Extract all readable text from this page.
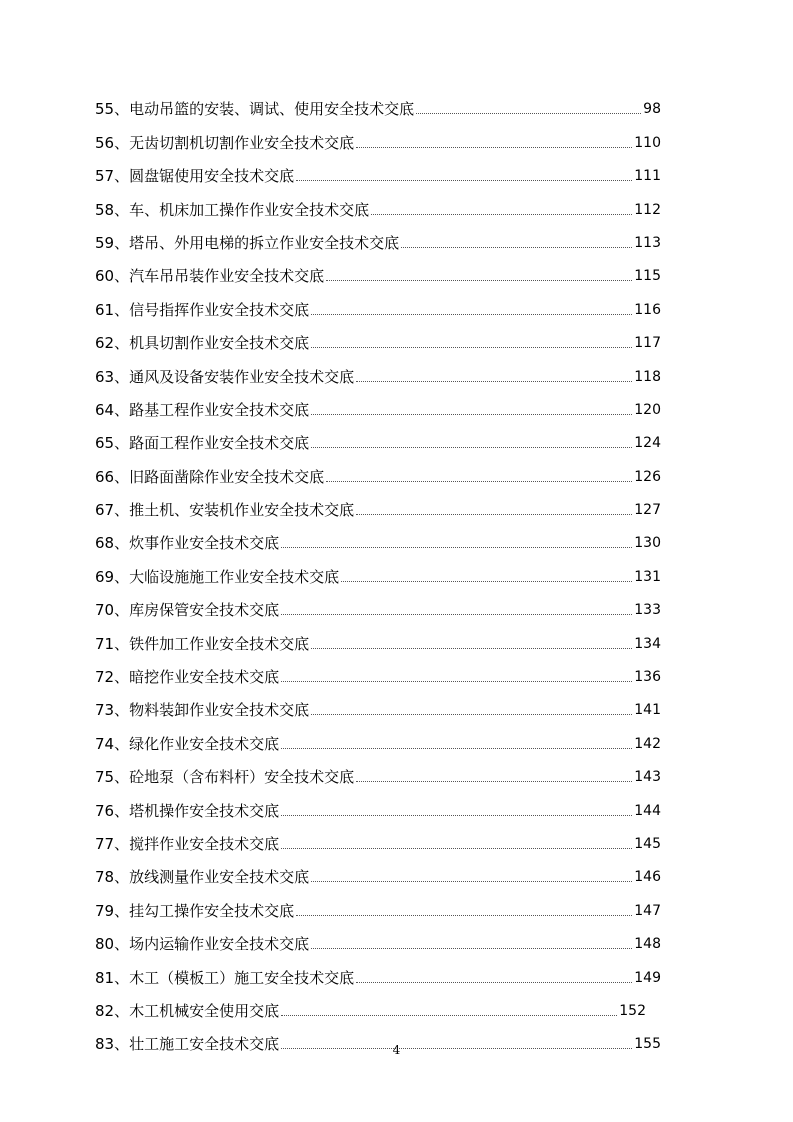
55、 电动吊篮的安装、调试、使用安全技术交底	98
56、 无齿切割机切割作业安全技术交底	110
57、 圆盘锯使用安全技术交底	111
58、 车、机床加工操作作业安全技术交底	112
59、 塔吊、外用电梯的拆立作业安全技术交底	113
60、 汽车吊吊装作业安全技术交底	115
61、 信号指挥作业安全技术交底	116
62、 机具切割作业安全技术交底	117
63、 通风及设备安装作业安全技术交底	118
64、 路基工程作业安全技术交底	120
65、 路面工程作业安全技术交底	124
66、 旧路面凿除作业安全技术交底	126
67、 推土机、安装机作业安全技术交底	127
68、 炊事作业安全技术交底	130
69、 大临设施施工作业安全技术交底	131
70、 库房保管安全技术交底	133
71、 铁件加工作业安全技术交底	134
72、 暗挖作业安全技术交底	136
73、 物料装卸作业安全技术交底	141
74、 绿化作业安全技术交底	142
75、 砼地泵（含布料杆）安全技术交底	143
76、 塔机操作安全技术交底	144
77、 搅拌作业安全技术交底	145
78、 放线测量作业安全技术交底	146
79、 挂勾工操作安全技术交底	147
80、 场内运输作业安全技术交底	148
81、 木工（模板工）施工安全技术交底	149
82、 木工机械安全使用交底	152
83、 壮工施工安全技术交底	155
4
